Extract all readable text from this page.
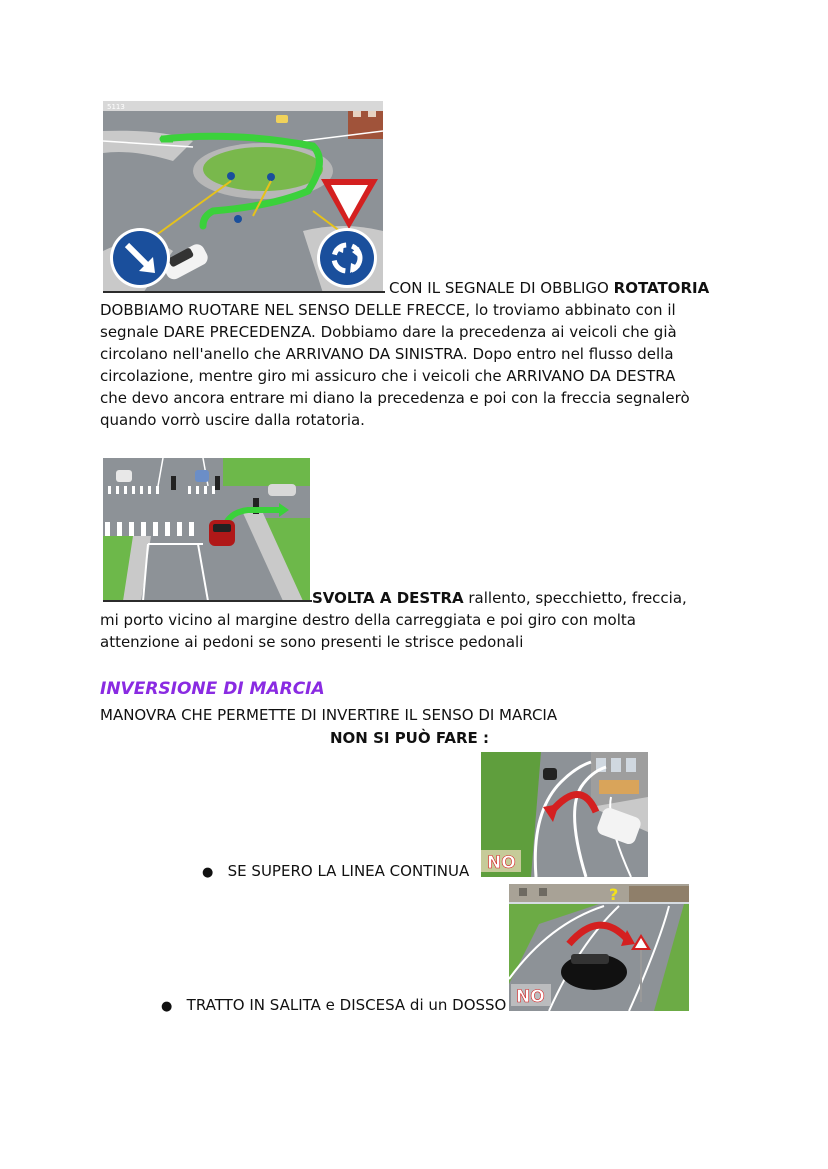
5113
CON IL SEGNALE DI OBBLIGO ROTATORIA
DOBBIAMO RUOTARE NEL SENSO DELLE FRECCE, lo troviamo abbinato con il
segnale DARE PRECEDENZA. Dobbiamo dare la precedenza ai veicoli che già
circolano nell'anello che ARRIVANO DA SINISTRA. Dopo entro nel flusso della
circolazione, mentre giro mi assicuro che i veicoli che ARRIVANO DA DESTRA
che devo ancora entrare mi diano la precedenza e poi con la freccia segnalerò
quando vorrò uscire dalla rotatoria.
SVOLTA A DESTRA rallento, specchietto, freccia,
mi porto vicino al margine destro della carreggiata e poi giro con molta
attenzione ai pedoni se sono presenti le strisce pedonali
INVERSIONE DI MARCIA
MANOVRA CHE PERMETTE DI INVERTIRE IL SENSO DI MARCIA
NON SI PUÒ FARE :
NO
● SE SUPERO LA LINEA CONTINUA
?
NO
● TRATTO IN SALITA e DISCESA di un DOSSO
